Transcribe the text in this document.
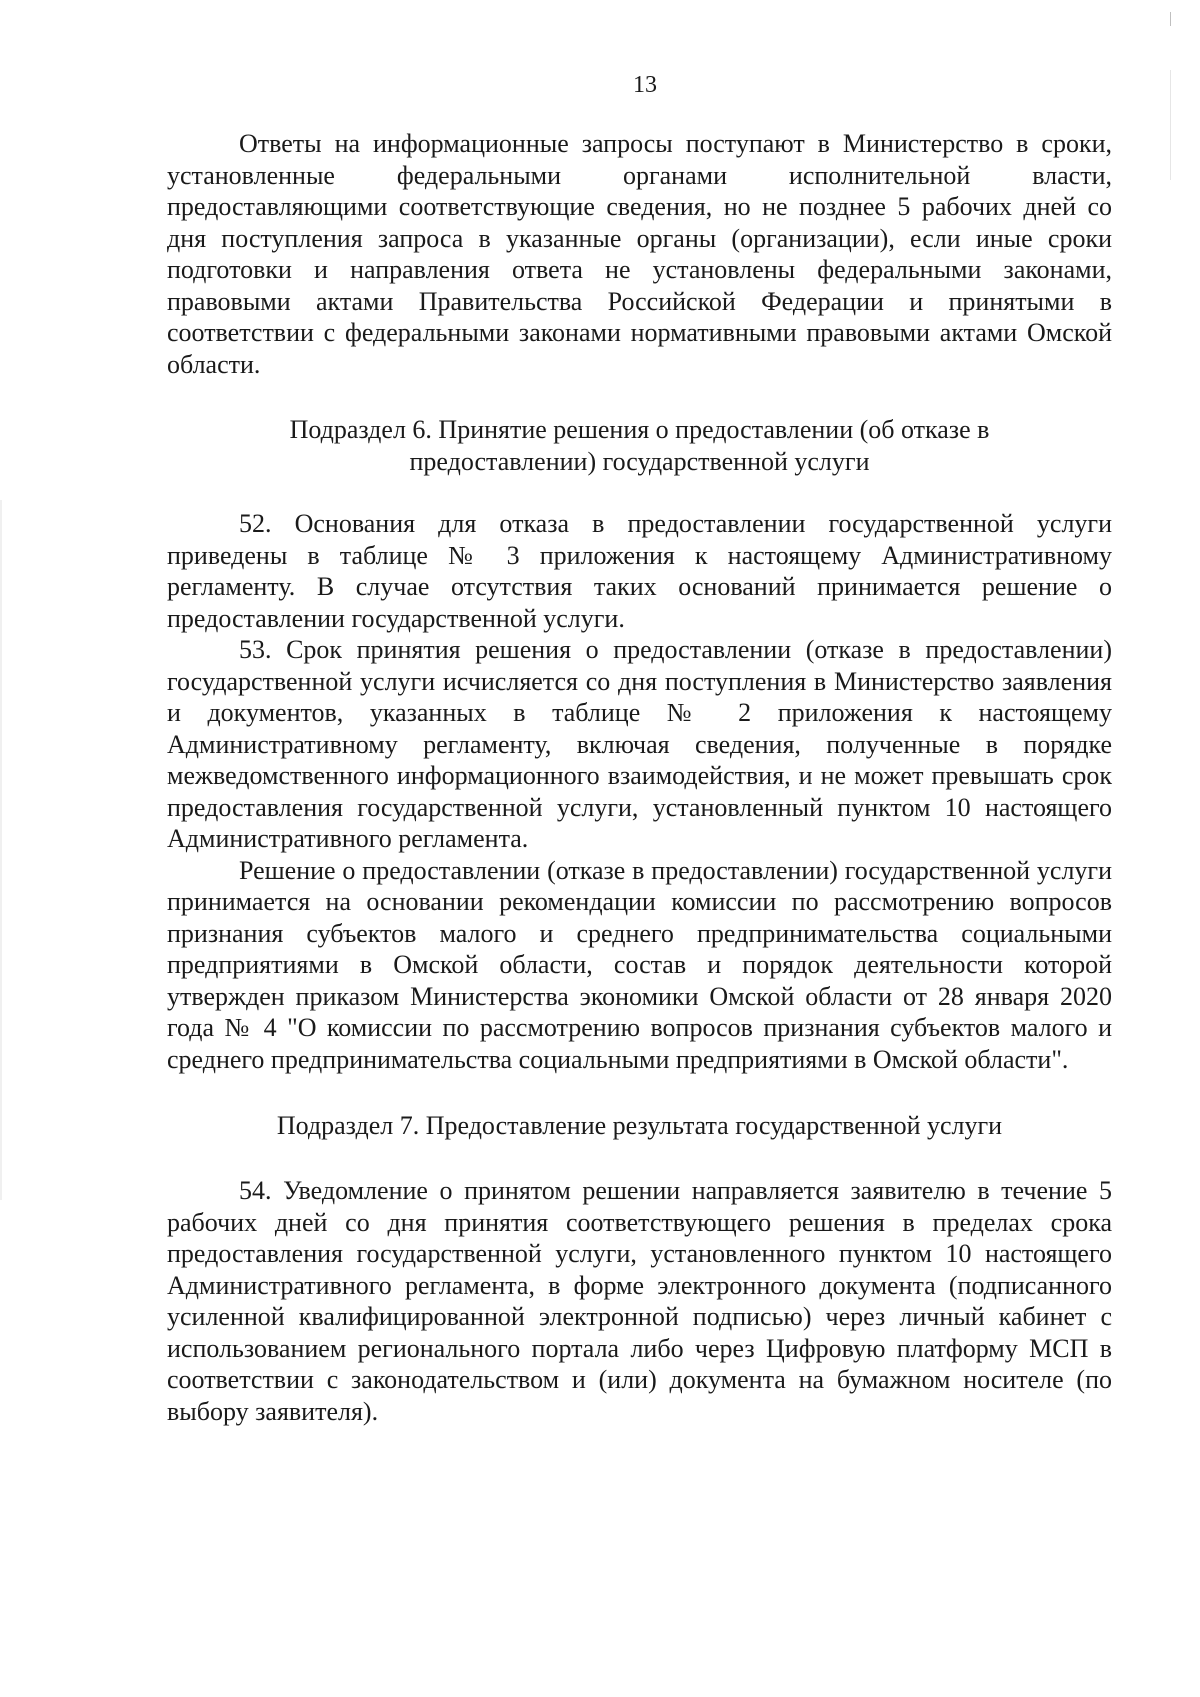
13

Ответы на информационные запросы поступают в Министерство в сроки, установленные федеральными органами исполнительной власти, предоставляющими соответствующие сведения, но не позднее 5 рабочих дней со дня поступления запроса в указанные органы (организации), если иные сроки подготовки и направления ответа не установлены федеральными законами, правовыми актами Правительства Российской Федерации и принятыми в соответствии с федеральными законами нормативными правовыми актами Омской области.

Подраздел 6. Принятие решения о предоставлении (об отказе в
предоставлении) государственной услуги

52. Основания для отказа в предоставлении государственной услуги приведены в таблице № 3 приложения к настоящему Административному регламенту. В случае отсутствия таких оснований принимается решение о предоставлении государственной услуги.

53. Срок принятия решения о предоставлении (отказе в предоставлении) государственной услуги исчисляется со дня поступления в Министерство заявления и документов, указанных в таблице № 2 приложения к настоящему Административному регламенту, включая сведения, полученные в порядке межведомственного информационного взаимодействия, и не может превышать срок предоставления государственной услуги, установленный пунктом 10 настоящего Административного регламента.

Решение о предоставлении (отказе в предоставлении) государственной услуги принимается на основании рекомендации комиссии по рассмотрению вопросов признания субъектов малого и среднего предпринимательства социальными предприятиями в Омской области, состав и порядок деятельности которой утвержден приказом Министерства экономики Омской области от 28 января 2020 года № 4 "О комиссии по рассмотрению вопросов признания субъектов малого и среднего предпринимательства социальными предприятиями в Омской области".

Подраздел 7. Предоставление результата государственной услуги

54. Уведомление о принятом решении направляется заявителю в течение 5 рабочих дней со дня принятия соответствующего решения в пределах срока предоставления государственной услуги, установленного пунктом 10 настоящего Административного регламента, в форме электронного документа (подписанного усиленной квалифицированной электронной подписью) через личный кабинет с использованием регионального портала либо через Цифровую платформу МСП в соответствии с законодательством и (или) документа на бумажном носителе (по выбору заявителя).
